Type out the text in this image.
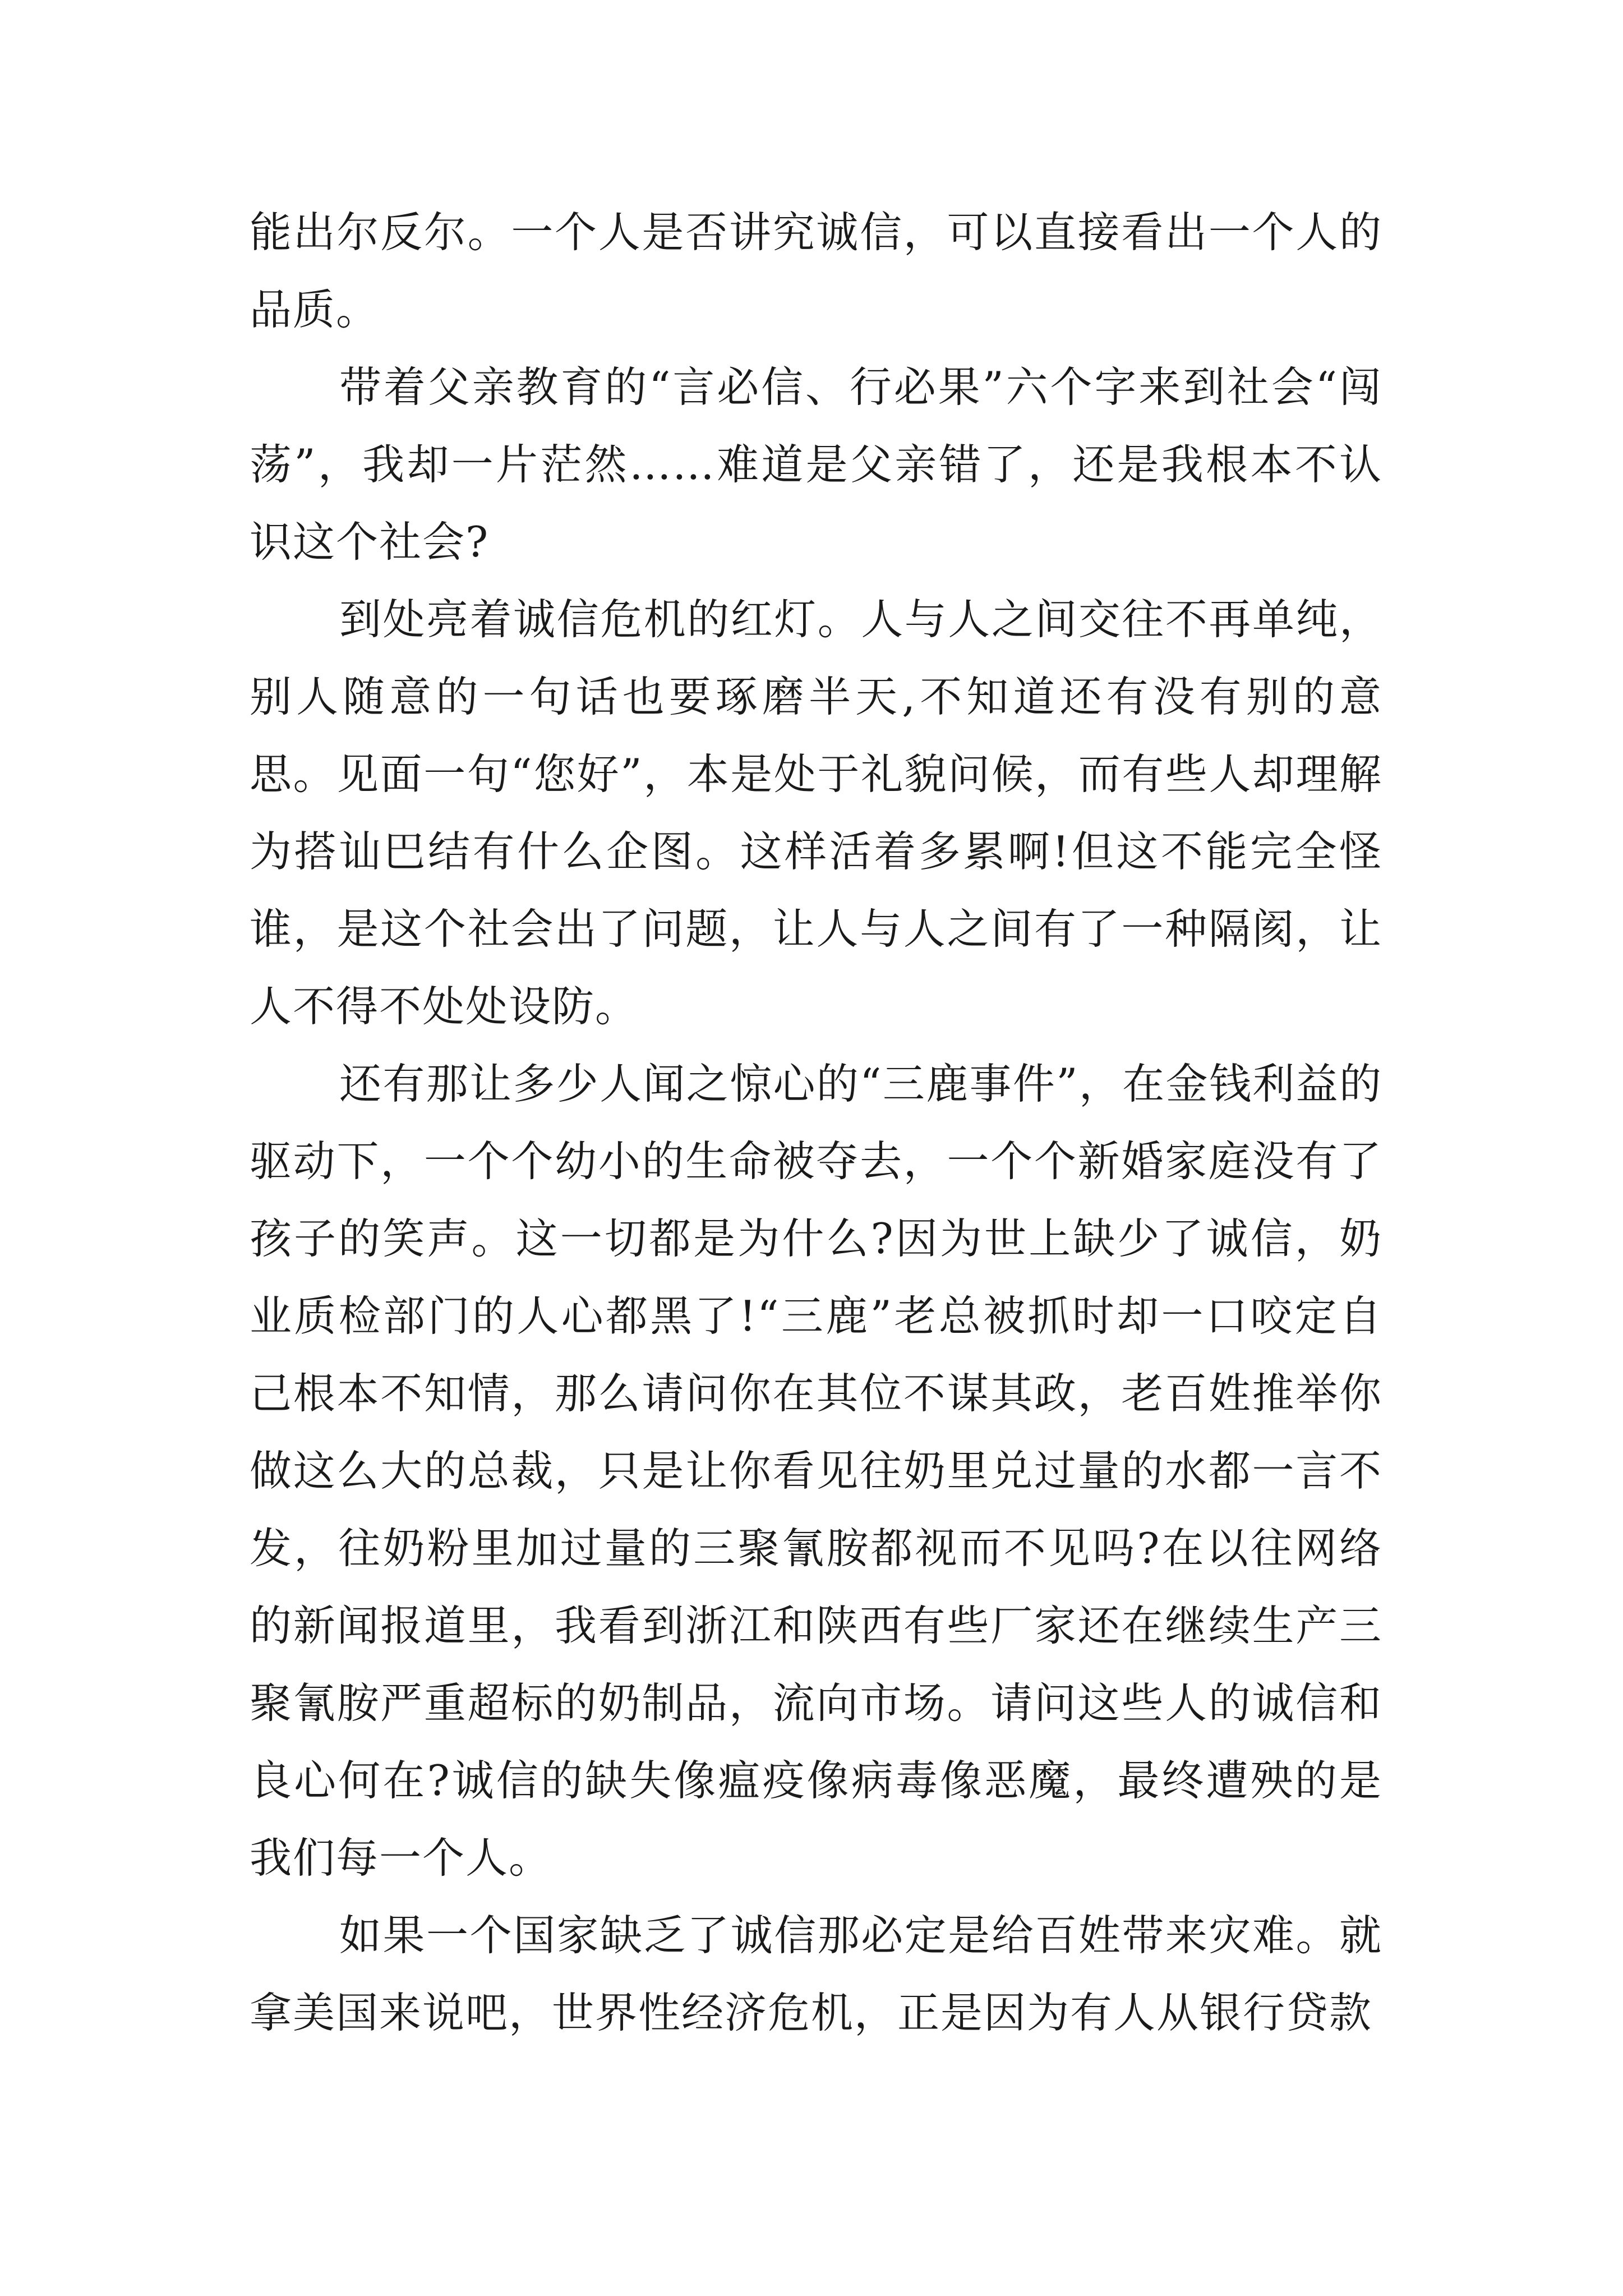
能出尔反尔。一个人是否讲究诚信，可以直接看出一个人的品质。

带着父亲教育的“言必信、行必果”六个字来到社会“闯荡”，我却一片茫然……难道是父亲错了，还是我根本不认识这个社会?

到处亮着诚信危机的红灯。人与人之间交往不再单纯，别人随意的一句话也要琢磨半天,不知道还有没有别的意思。见面一句“您好”，本是处于礼貌问候，而有些人却理解为搭讪巴结有什么企图。这样活着多累啊!但这不能完全怪谁，是这个社会出了问题，让人与人之间有了一种隔阂，让人不得不处处设防。

还有那让多少人闻之惊心的“三鹿事件”，在金钱利益的驱动下，一个个幼小的生命被夺去，一个个新婚家庭没有了孩子的笑声。这一切都是为什么?因为世上缺少了诚信，奶业质检部门的人心都黑了!“三鹿”老总被抓时却一口咬定自己根本不知情，那么请问你在其位不谋其政，老百姓推举你做这么大的总裁，只是让你看见往奶里兑过量的水都一言不发，往奶粉里加过量的三聚氰胺都视而不见吗?在以往网络的新闻报道里，我看到浙江和陕西有些厂家还在继续生产三聚氰胺严重超标的奶制品，流向市场。请问这些人的诚信和良心何在?诚信的缺失像瘟疫像病毒像恶魔，最终遭殃的是我们每一个人。

如果一个国家缺乏了诚信那必定是给百姓带来灾难。就拿美国来说吧，世界性经济危机，正是因为有人从银行贷款
